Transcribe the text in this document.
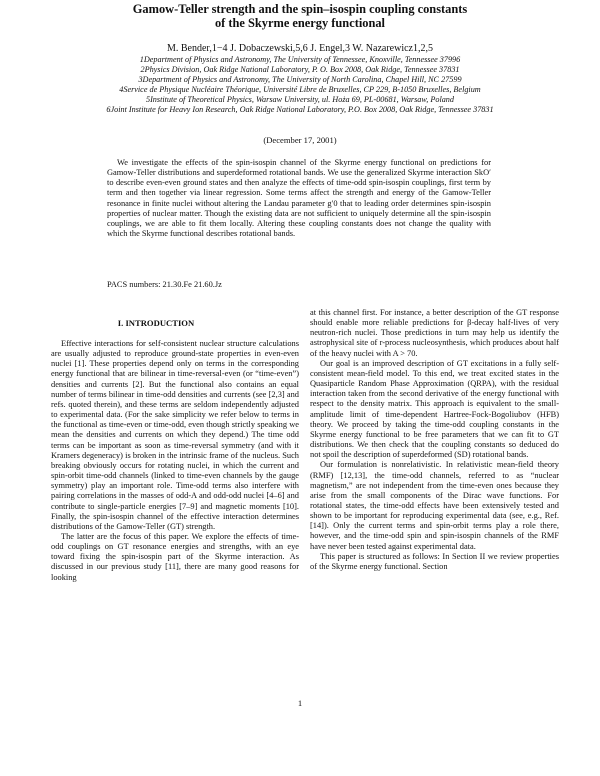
Gamow-Teller strength and the spin–isospin coupling constants
of the Skyrme energy functional
M. Bender,1−4 J. Dobaczewski,5,6 J. Engel,3 W. Nazarewicz1,2,5
1Department of Physics and Astronomy, The University of Tennessee, Knoxville, Tennessee 37996
2Physics Division, Oak Ridge National Laboratory, P. O. Box 2008, Oak Ridge, Tennessee 37831
3Department of Physics and Astronomy, The University of North Carolina, Chapel Hill, NC 27599
4Service de Physique Nucléaire Théorique, Université Libre de Bruxelles, CP 229, B-1050 Bruxelles, Belgium
5Institute of Theoretical Physics, Warsaw University, ul. Hoża 69, PL-00681, Warsaw, Poland
6Joint Institute for Heavy Ion Research, Oak Ridge National Laboratory, P.O. Box 2008, Oak Ridge, Tennessee 37831
(December 17, 2001)
We investigate the effects of the spin-isospin channel of the Skyrme energy functional on predictions for Gamow-Teller distributions and superdeformed rotational bands. We use the generalized Skyrme interaction SkO′ to describe even-even ground states and then analyze the effects of time-odd spin-isospin couplings, first term by term and then together via linear regression. Some terms affect the strength and energy of the Gamow-Teller resonance in finite nuclei without altering the Landau parameter g′0 that to leading order determines spin-isospin properties of nuclear matter. Though the existing data are not sufficient to uniquely determine all the spin-isospin couplings, we are able to fit them locally. Altering these coupling constants does not change the quality with which the Skyrme functional describes rotational bands.
PACS numbers: 21.30.Fe 21.60.Jz
I. INTRODUCTION

Effective interactions for self-consistent nuclear structure calculations are usually adjusted to reproduce ground-state properties in even-even nuclei [1]. These properties depend only on terms in the corresponding energy functional that are bilinear in time-reversal-even (or “time-even”) densities and currents [2]. But the functional also contains an equal number of terms bilinear in time-odd densities and currents (see [2,3] and refs. quoted therein), and these terms are seldom independently adjusted to experimental data. (For the sake simplicity we refer below to terms in the functional as time-even or time-odd, even though strictly speaking we mean the densities and currents on which they depend.) The time odd terms can be important as soon as time-reversal symmetry (and with it Kramers degeneracy) is broken in the intrinsic frame of the nucleus. Such breaking obviously occurs for rotating nuclei, in which the current and spin-orbit time-odd channels (linked to time-even channels by the gauge symmetry) play an important role. Time-odd terms also interfere with pairing correlations in the masses of odd-A and odd-odd nuclei [4–6] and contribute to single-particle energies [7–9] and magnetic moments [10]. Finally, the spin-isospin channel of the effective interaction determines distributions of the Gamow-Teller (GT) strength.

The latter are the focus of this paper. We explore the effects of time-odd couplings on GT resonance energies and strengths, with an eye toward fixing the spin-isospin part of the Skyrme interaction. As discussed in our previous study [11], there are many good reasons for looking

at this channel first. For instance, a better description of the GT response should enable more reliable predictions for β-decay half-lives of very neutron-rich nuclei. Those predictions in turn may help us identify the astrophysical site of r-process nucleosynthesis, which produces about half of the heavy nuclei with A > 70.

Our goal is an improved description of GT excitations in a fully self-consistent mean-field model. To this end, we treat excited states in the Quasiparticle Random Phase Approximation (QRPA), with the residual interaction taken from the second derivative of the energy functional with respect to the density matrix. This approach is equivalent to the small-amplitude limit of time-dependent Hartree-Fock-Bogoliubov (HFB) theory. We proceed by taking the time-odd coupling constants in the Skyrme energy functional to be free parameters that we can fit to GT distributions. We then check that the coupling constants so deduced do not spoil the description of superdeformed (SD) rotational bands.

Our formulation is nonrelativistic. In relativistic mean-field theory (RMF) [12,13], the time-odd channels, referred to as “nuclear magnetism,” are not independent from the time-even ones because they arise from the small components of the Dirac wave functions. For rotational states, the time-odd effects have been extensively tested and shown to be important for reproducing experimental data (see, e.g., Ref. [14]). Only the current terms and spin-orbit terms play a role there, however, and the time-odd spin and spin-isospin channels of the RMF have never been tested against experimental data.

This paper is structured as follows: In Section II we review properties of the Skyrme energy functional. Section

1
